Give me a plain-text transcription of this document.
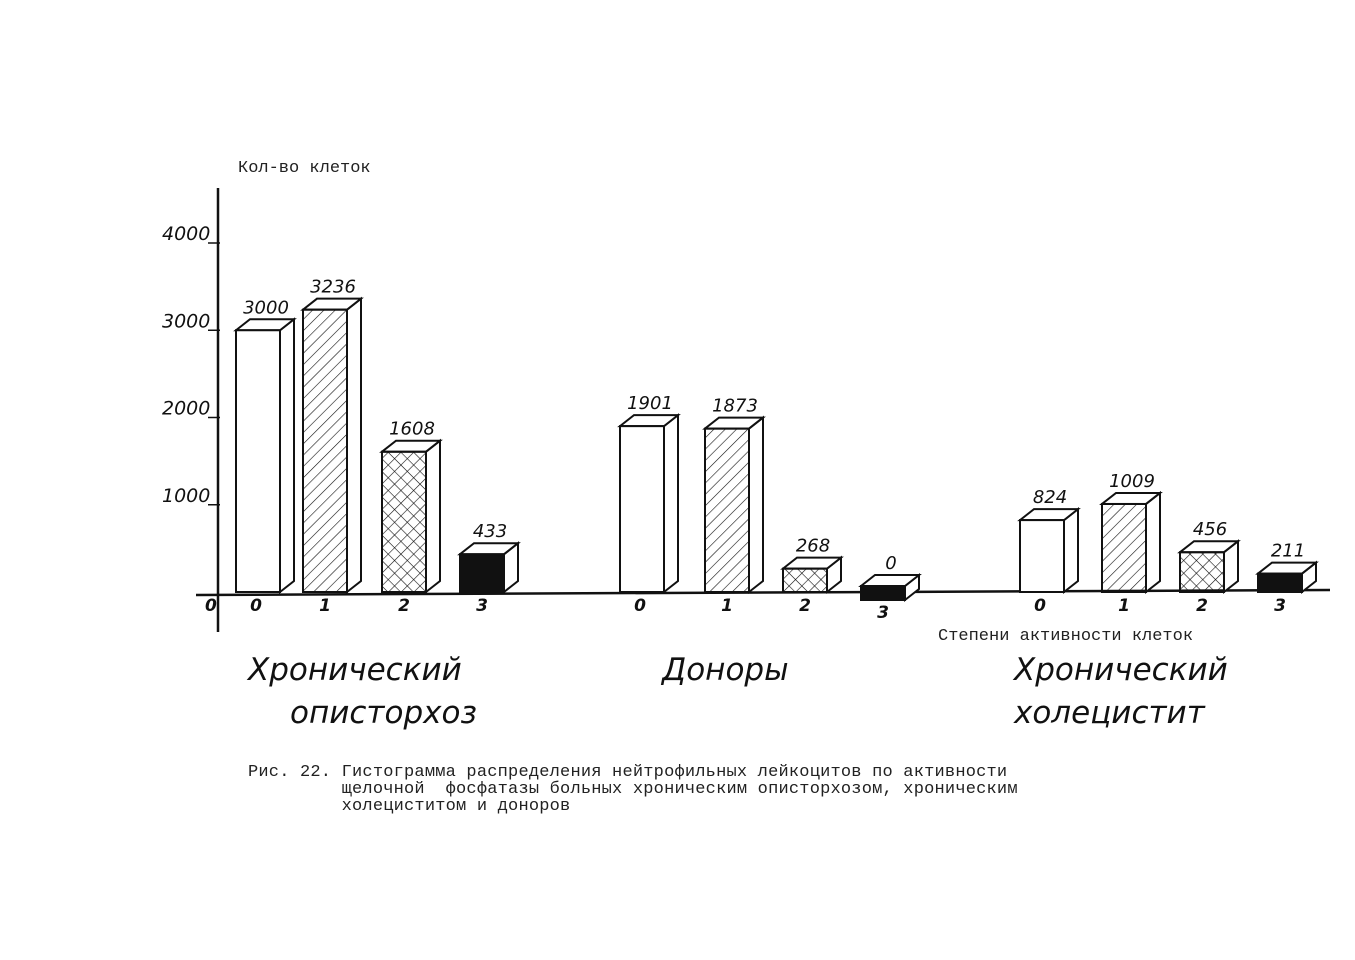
Кол-во клеток
Степени активности клеток
0
4000
3000
2000
1000
3000
0
3236
1
1608
2
433
3
1901
0
1873
1
268
2
0
3
824
0
1009
1
456
2
211
3
Хронический
описторхоз
Доноры	Хронический
холецистит
Рис. 22. Гистограмма распределения нейтрофильных лейкоцитов по активности
щелочной  фосфатазы больных хроническим описторхозом, хроническим
холециститом и доноров
